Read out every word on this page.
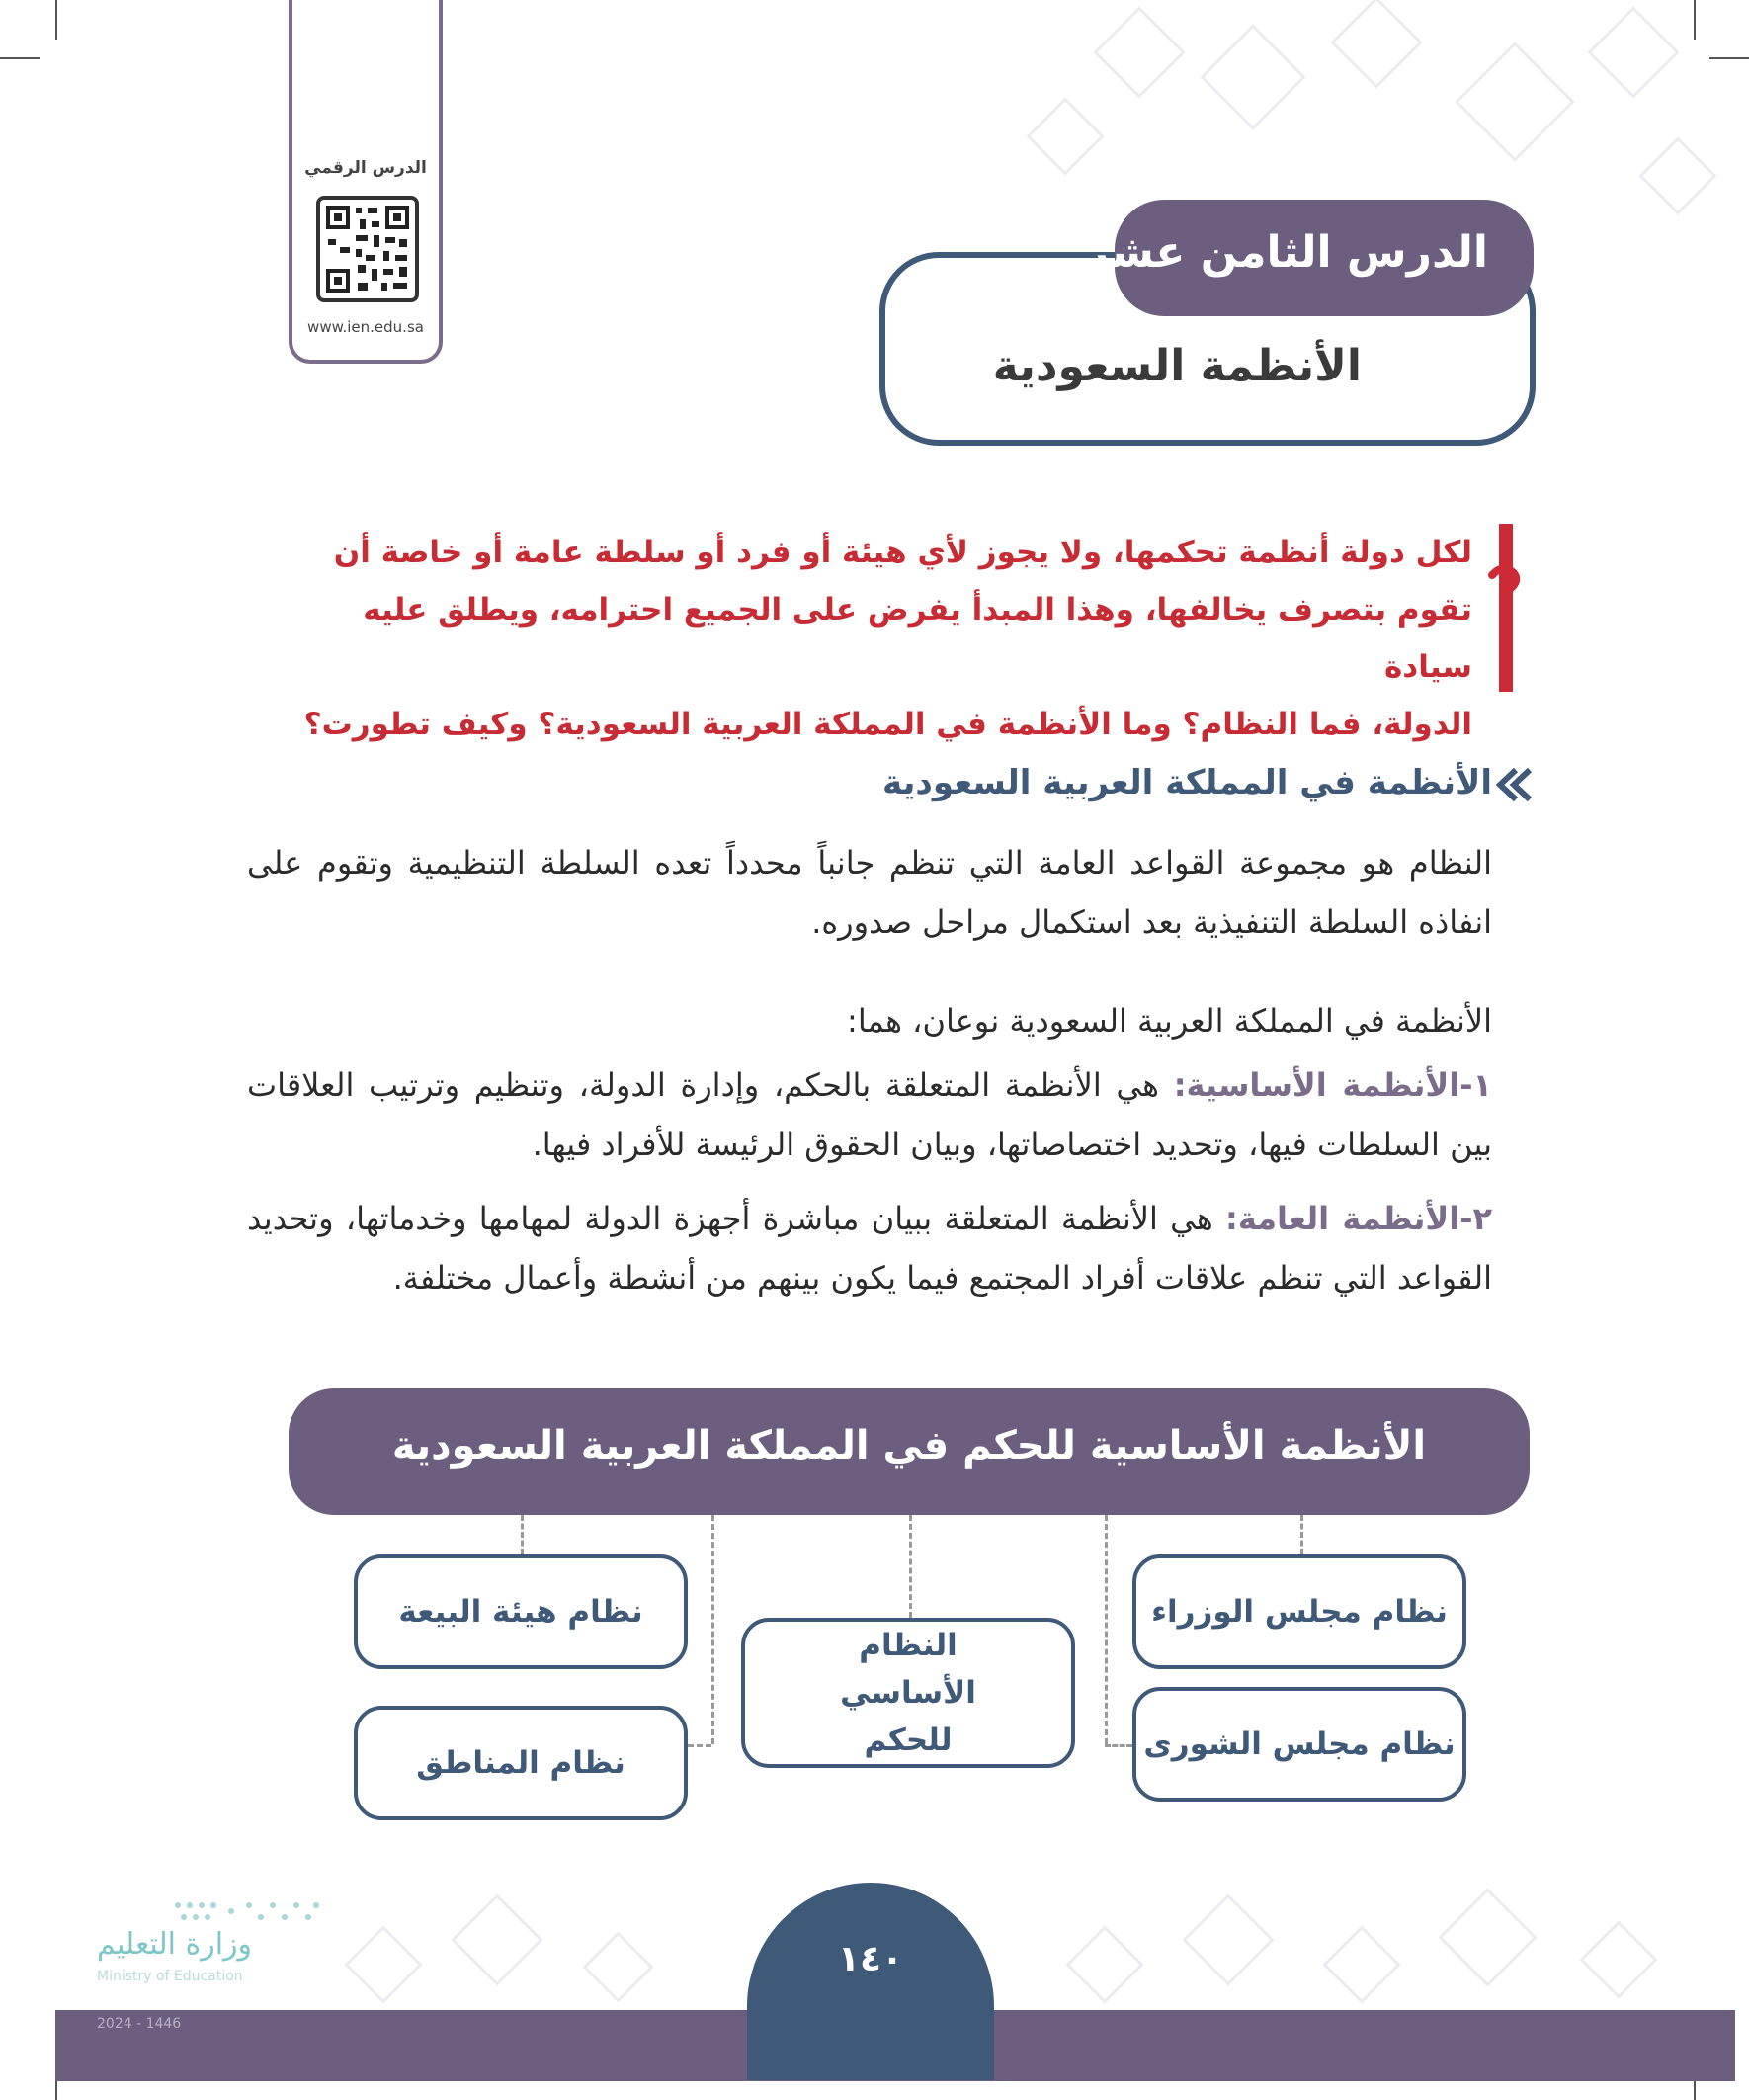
الدرس الرقمي
www.ien.edu.sa
الدرس الثامن عشر
الأنظمة السعودية
لكل دولة أنظمة تحكمها، ولا يجوز لأي هيئة أو فرد أو سلطة عامة أو خاصة أن
تقوم بتصرف يخالفها، وهذا المبدأ يفرض على الجميع احترامه، ويطلق عليه سيادة
الدولة، فما النظام؟ وما الأنظمة في المملكة العربية السعودية؟ وكيف تطورت؟
الأنظمة في المملكة العربية السعودية
النظام هو مجموعة القواعد العامة التي تنظم جانباً محدداً تعده السلطة التنظيمية وتقوم على انفاذه السلطة التنفيذية بعد استكمال مراحل صدوره.
الأنظمة في المملكة العربية السعودية نوعان، هما:
١-الأنظمة الأساسية: هي الأنظمة المتعلقة بالحكم، وإدارة الدولة، وتنظيم وترتيب العلاقات بين السلطات فيها، وتحديد اختصاصاتها، وبيان الحقوق الرئيسة للأفراد فيها.
٢-الأنظمة العامة: هي الأنظمة المتعلقة ببيان مباشرة أجهزة الدولة لمهامها وخدماتها، وتحديد القواعد التي تنظم علاقات أفراد المجتمع فيما يكون بينهم من أنشطة وأعمال مختلفة.
الأنظمة الأساسية للحكم في المملكة العربية السعودية
نظام مجلس الوزراء
نظام مجلس الشورى
النظام الأساسي للحكم
نظام هيئة البيعة
نظام المناطق
١٤٠
وزارة التعليم
Ministry of Education
2024 - 1446
